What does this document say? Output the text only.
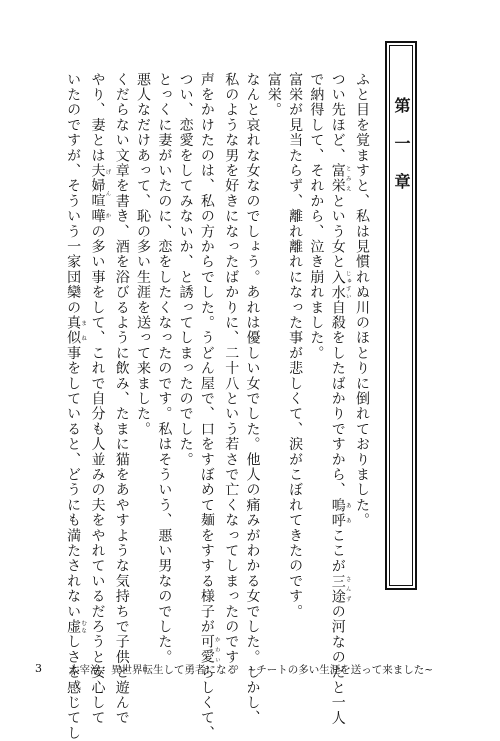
第一章

ふと目を覚ますと、私は見慣れぬ川のほとりに倒れておりました。

つい先ほど、富栄 とみえという女と入水 じゅすい自殺をしたばかりですから、嗚呼 ああここが三途 さんずの河なのだと一人

で納得して、それから、泣き崩れました。

富栄が見当たらず、離れ離れになった事が悲しくて、涙がこぼれてきたのです。

富栄。

なんと哀れな女なのでしょう。あれは優しい女でした。他人の痛みがわかる女でした。しかし、

私のような男を好きになったばかりに、二十八という若さで亡くなってしまったのです。

声をかけたのは、私の方からでした。うどん屋で、口をすぼめて麺をすする様子が可愛 かわいらしくて、

つい、恋愛をしてみないか、と誘ってしまったのでした。

とっくに妻がいたのに、恋をしたくなったのです。私はそういう、悪い男なのでした。

悪人なだけあって、恥の多い生涯を送って来ました。

くだらない文章を書き、酒を浴びるように飲み、たまに猫をあやすような気持ちで子供と遊んで

やり、妻とは夫婦喧嘩 げんかの多い事をして、これで自分も人並みの夫をやれているだろうと安心して

いたのですが、そういう一家団欒の真似 まね事をしていると、どうにも満たされない虚 むなしさを感じてし

3	太宰治、異世界転生して勇者になる　~チートの多い生涯を送って来ました~
